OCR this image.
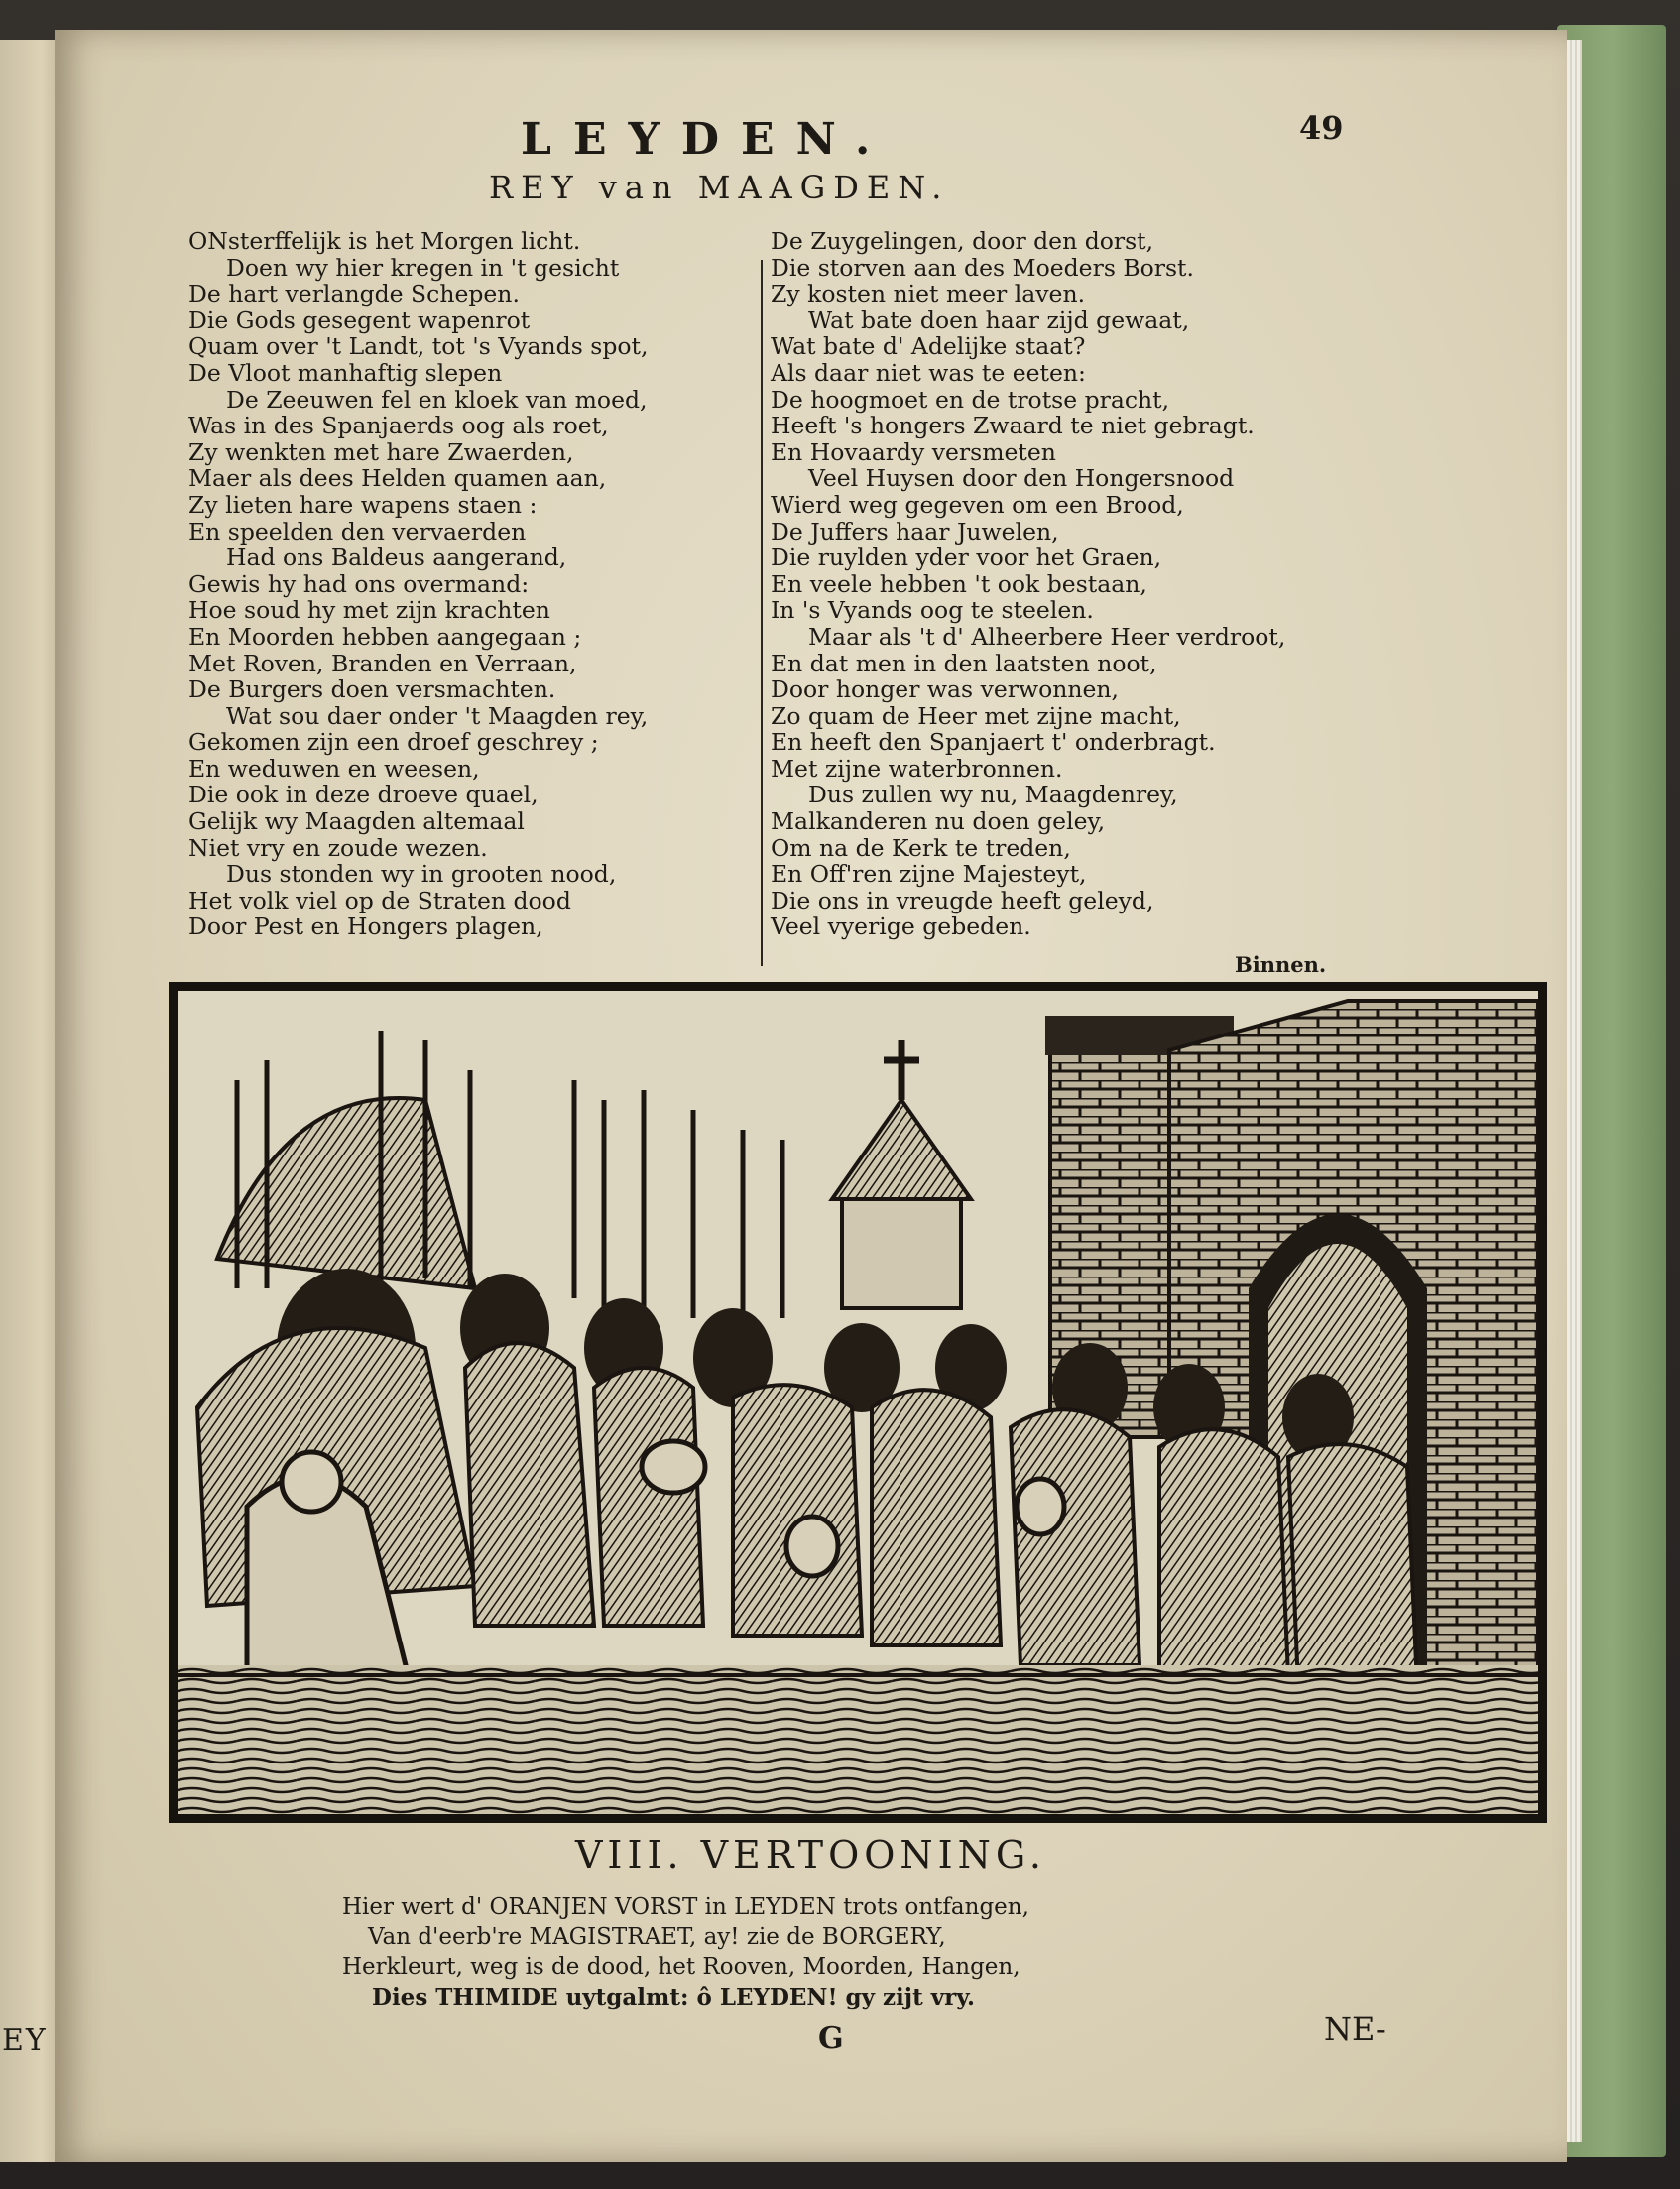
EY
LEYDEN.	49
REY van MAAGDEN.
ONsterffelijk is het Morgen licht.
Doen wy hier kregen in 't gesicht
De hart verlangde Schepen.
Die Gods gesegent wapenrot
Quam over 't Landt, tot 's Vyands spot,
De Vloot manhaftig slepen
De Zeeuwen fel en kloek van moed,
Was in des Spanjaerds oog als roet,
Zy wenkten met hare Zwaerden,
Maer als dees Helden quamen aan,
Zy lieten hare wapens staen :
En speelden den vervaerden
Had ons Baldeus aangerand,
Gewis hy had ons overmand:
Hoe soud hy met zijn krachten
En Moorden hebben aangegaan ;
Met Roven, Branden en Verraan,
De Burgers doen versmachten.
Wat sou daer onder 't Maagden rey,
Gekomen zijn een droef geschrey ;
En weduwen en weesen,
Die ook in deze droeve quael,
Gelijk wy Maagden altemaal
Niet vry en zoude wezen.
Dus stonden wy in grooten nood,
Het volk viel op de Straten dood
Door Pest en Hongers plagen,
De Zuygelingen, door den dorst,
Die storven aan des Moeders Borst.
Zy kosten niet meer laven.
Wat bate doen haar zijd gewaat,
Wat bate d' Adelijke staat?
Als daar niet was te eeten:
De hoogmoet en de trotse pracht,
Heeft 's hongers Zwaard te niet gebragt.
En Hovaardy versmeten
Veel Huysen door den Hongersnood
Wierd weg gegeven om een Brood,
De Juffers haar Juwelen,
Die ruylden yder voor het Graen,
En veele hebben 't ook bestaan,
In 's Vyands oog te steelen.
Maar als 't d' Alheerbere Heer verdroot,
En dat men in den laatsten noot,
Door honger was verwonnen,
Zo quam de Heer met zijne macht,
En heeft den Spanjaert t' onderbragt.
Met zijne waterbronnen.
Dus zullen wy nu, Maagdenrey,
Malkanderen nu doen geley,
Om na de Kerk te treden,
En Off'ren zijne Majesteyt,
Die ons in vreugde heeft geleyd,
Veel vyerige gebeden.
Binnen.
VIII. VERTOONING.
Hier wert d' ORANJEN VORST in LEYDEN trots ontfangen,
Van d'eerb're MAGISTRAET, ay! zie de BORGERY,
Herkleurt, weg is de dood, het Rooven, Moorden, Hangen,
Dies THIMIDE uytgalmt: ô LEYDEN! gy zijt vry.
G	NE-
